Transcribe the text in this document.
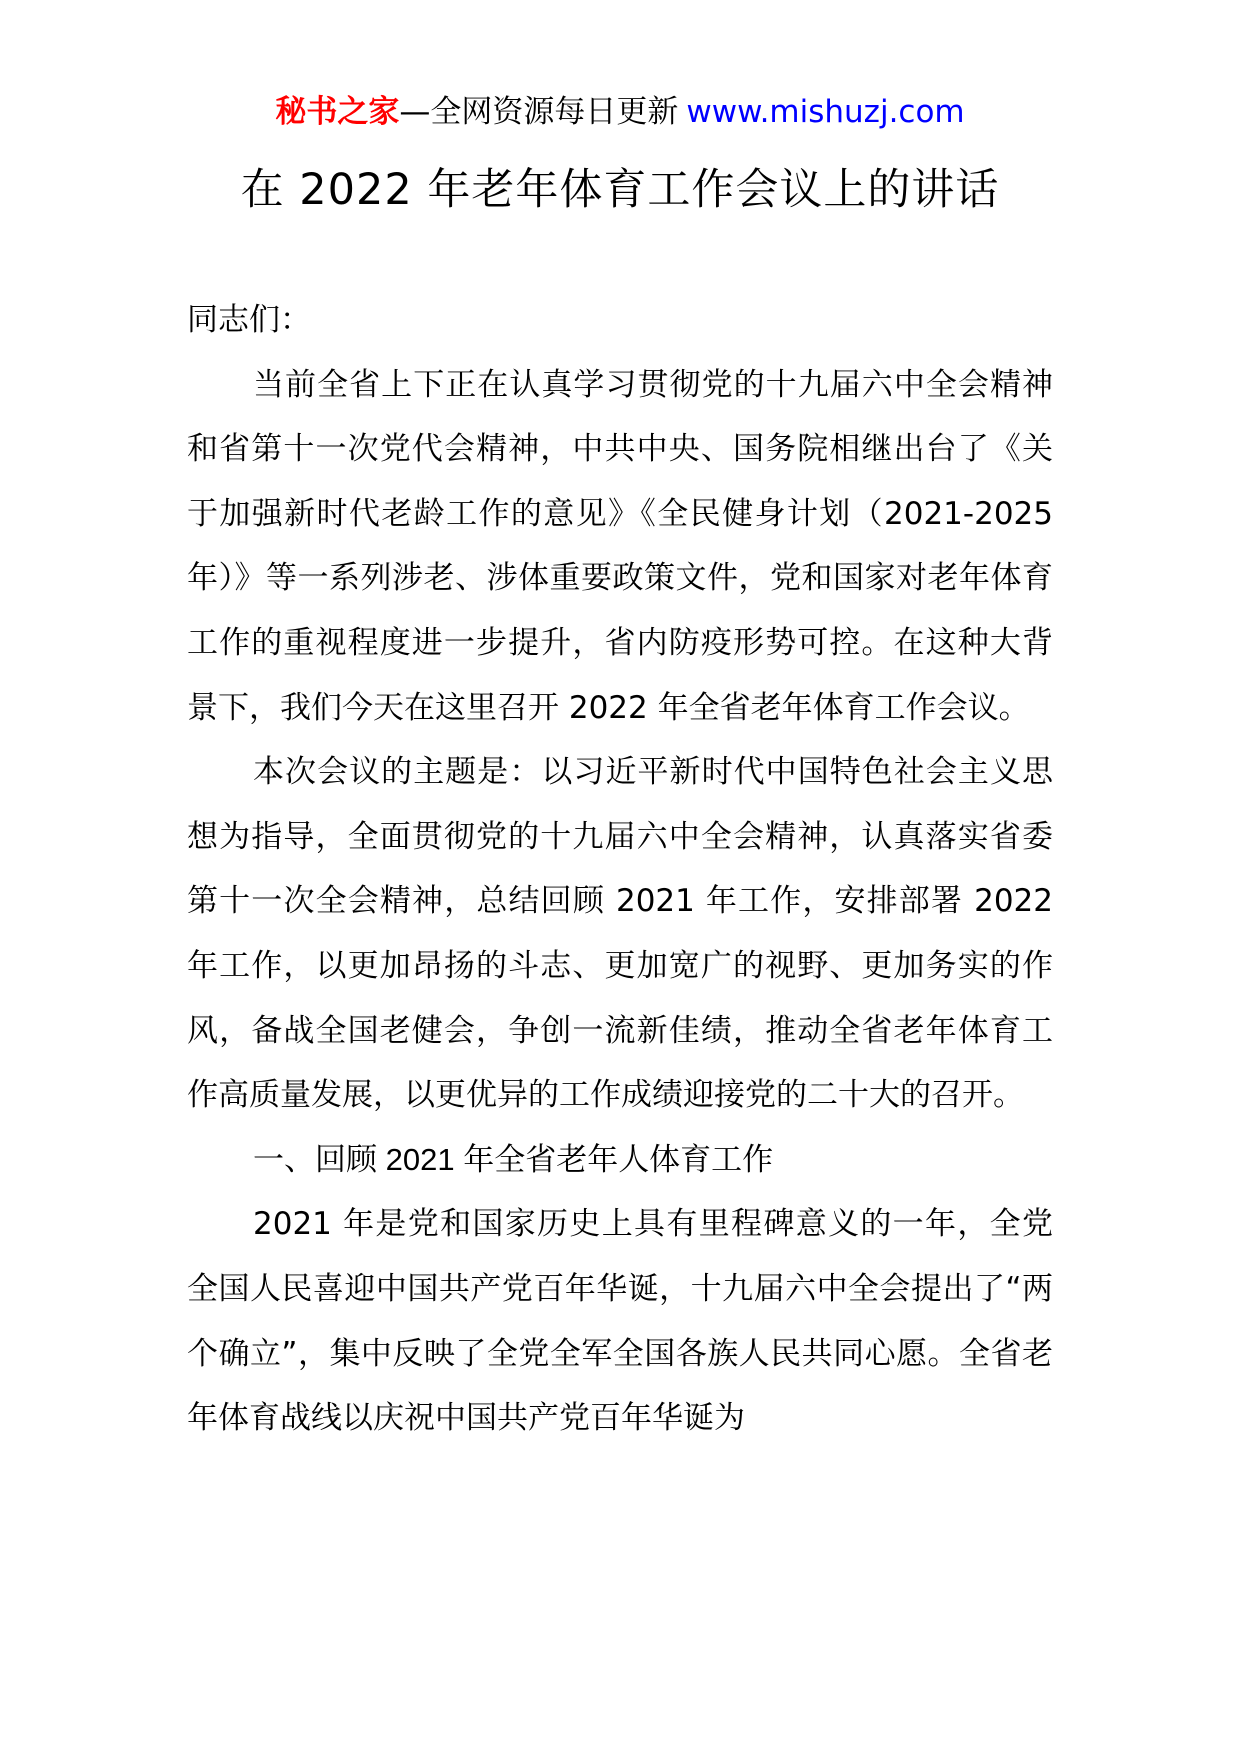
秘书之家—全网资源每日更新 www.mishuzj.com
在 2022 年老年体育工作会议上的讲话

同志们：

当前全省上下正在认真学习贯彻党的十九届六中全会精神和省第十一次党代会精神，中共中央、国务院相继出台了《关于加强新时代老龄工作的意见》《全民健身计划（2021-2025 年）》等一系列涉老、涉体重要政策文件，党和国家对老年体育工作的重视程度进一步提升，省内防疫形势可控。在这种大背景下，我们今天在这里召开 2022 年全省老年体育工作会议。

本次会议的主题是：以习近平新时代中国特色社会主义思想为指导，全面贯彻党的十九届六中全会精神，认真落实省委第十一次全会精神，总结回顾 2021 年工作，安排部署 2022 年工作，以更加昂扬的斗志、更加宽广的视野、更加务实的作风，备战全国老健会，争创一流新佳绩，推动全省老年体育工作高质量发展，以更优异的工作成绩迎接党的二十大的召开。

一、回顾 2021 年全省老年人体育工作

2021 年是党和国家历史上具有里程碑意义的一年，全党全国人民喜迎中国共产党百年华诞，十九届六中全会提出了“两个确立”，集中反映了全党全军全国各族人民共同心愿。全省老年体育战线以庆祝中国共产党百年华诞为
